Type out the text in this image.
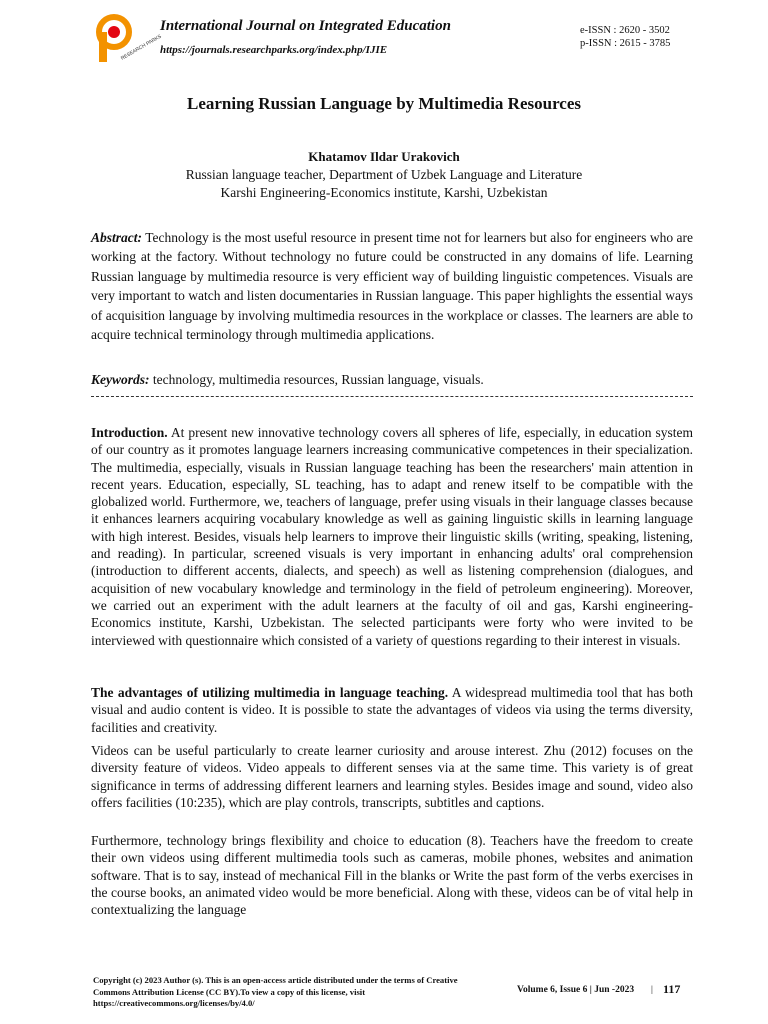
RESEARCH PARKS
International Journal on Integrated Education
https://journals.researchparks.org/index.php/IJIE
e-ISSN : 2620 - 3502
p-ISSN : 2615 - 3785
Learning Russian Language by Multimedia Resources
Khatamov Ildar Urakovich
Russian language teacher, Department of Uzbek Language and Literature
Karshi Engineering-Economics institute, Karshi, Uzbekistan

Abstract: Technology is the most useful resource in present time not for learners but also for engineers who are working at the factory. Without technology no future could be constructed in any domains of life. Learning Russian language by multimedia resource is very efficient way of building linguistic competences. Visuals are very important to watch and listen documentaries in Russian language. This paper highlights the essential ways of acquisition language by involving multimedia resources in the workplace or classes. The learners are able to acquire technical terminology through multimedia applications.

Keywords: technology, multimedia resources, Russian language, visuals.

Introduction. At present new innovative technology covers all spheres of life, especially, in education system of our country as it promotes language learners increasing communicative competences in their specialization. The multimedia, especially, visuals in Russian language teaching has been the researchers' main attention in recent years. Education, especially, SL teaching, has to adapt and renew itself to be compatible with the globalized world. Furthermore, we, teachers of language, prefer using visuals in their language classes because it enhances learners acquiring vocabulary knowledge as well as gaining linguistic skills in learning language with high interest. Besides, visuals help learners to improve their linguistic skills (writing, speaking, listening, and reading). In particular, screened visuals is very important in enhancing adults' oral comprehension (introduction to different accents, dialects, and speech) as well as listening comprehension (dialogues, and acquisition of new vocabulary knowledge and terminology in the field of petroleum engineering). Moreover, we carried out an experiment with the adult learners at the faculty of oil and gas, Karshi engineering-Economics institute, Karshi, Uzbekistan. The selected participants were forty who were invited to be interviewed with questionnaire which consisted of a variety of questions regarding to their interest in visuals.

The advantages of utilizing multimedia in language teaching. A widespread multimedia tool that has both visual and audio content is video. It is possible to state the advantages of videos via using the terms diversity, facilities and creativity.

Videos can be useful particularly to create learner curiosity and arouse interest. Zhu (2012) focuses on the diversity feature of videos. Video appeals to different senses via at the same time. This variety is of great significance in terms of addressing different learners and learning styles. Besides image and sound, video also offers facilities (10:235), which are play controls, transcripts, subtitles and captions.

Furthermore, technology brings flexibility and choice to education (8). Teachers have the freedom to create their own videos using different multimedia tools such as cameras, mobile phones, websites and animation software. That is to say, instead of mechanical Fill in the blanks or Write the past form of the verbs exercises in the course books, an animated video would be more beneficial. Along with these, videos can be of vital help in contextualizing the language

Copyright (c) 2023 Author (s). This is an open-access article distributed under the terms of Creative Commons Attribution License (CC BY).To view a copy of this license, visit https://creativecommons.org/licenses/by/4.0/
Volume 6, Issue 6 | Jun -2023 | 117
